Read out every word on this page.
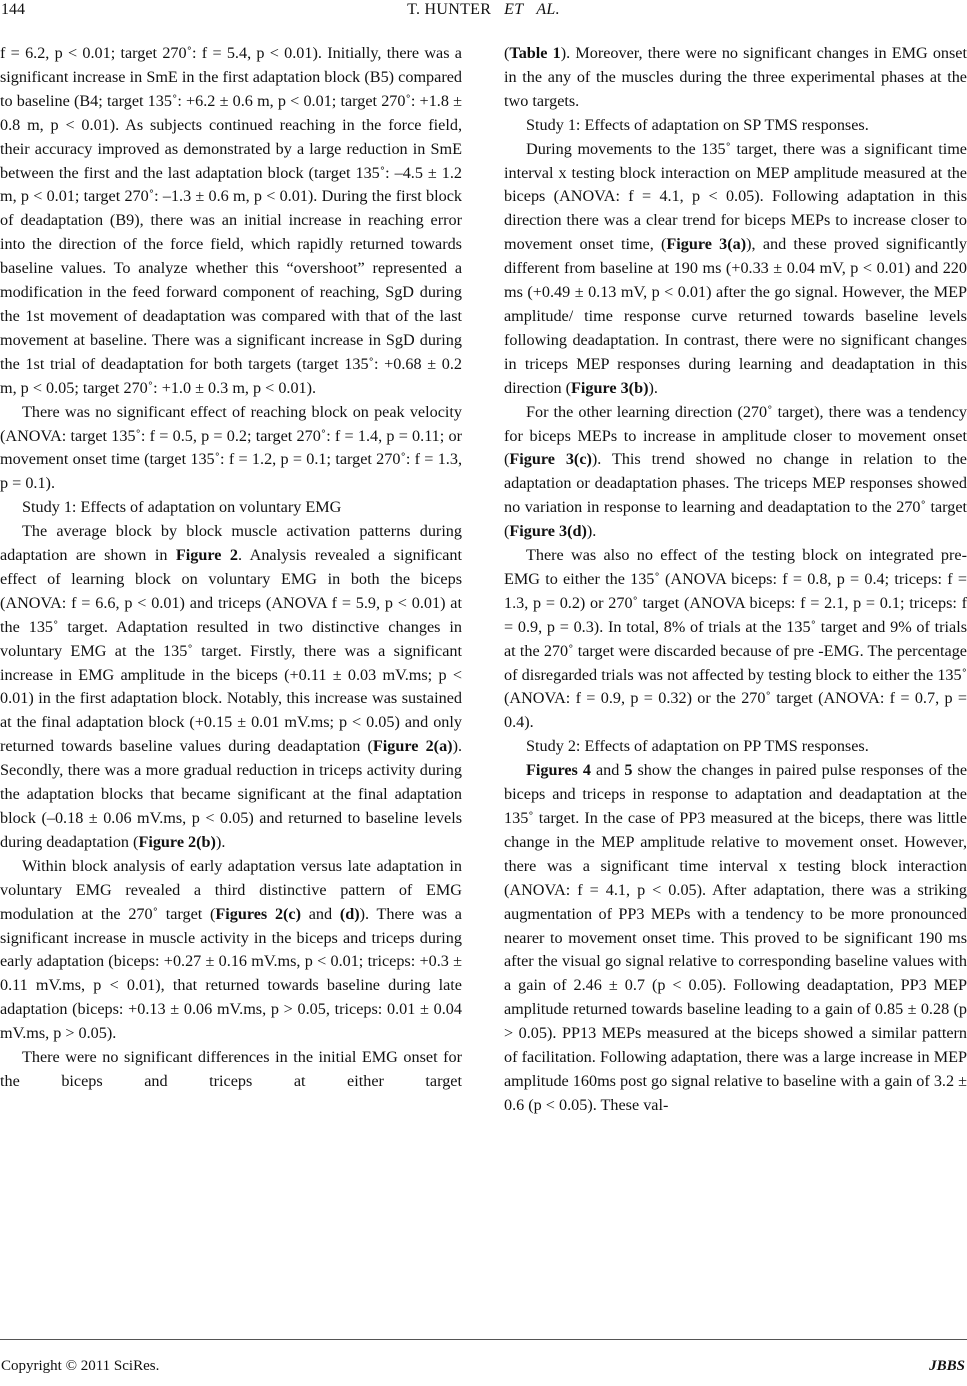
144	T. HUNTER ET AL.

f = 6.2, p < 0.01; target 270˚: f = 5.4, p < 0.01). Initially, there was a significant increase in SmE in the first adaptation block (B5) compared to baseline (B4; target 135˚: +6.2 ± 0.6 m, p < 0.01; target 270˚: +1.8 ± 0.8 m, p < 0.01). As subjects continued reaching in the force field, their accuracy improved as demonstrated by a large reduction in SmE between the first and the last adaptation block (target 135˚: –4.5 ± 1.2 m, p < 0.01; target 270˚: –1.3 ± 0.6 m, p < 0.01). During the first block of deadaptation (B9), there was an initial increase in reaching error into the direction of the force field, which rapidly returned towards baseline values. To analyze whether this “overshoot” represented a modification in the feed forward component of reaching, SgD during the 1st movement of deadaptation was compared with that of the last movement at baseline. There was a significant increase in SgD during the 1st trial of deadaptation for both targets (target 135˚: +0.68 ± 0.2 m, p < 0.05; target 270˚: +1.0 ± 0.3 m, p < 0.01).

There was no significant effect of reaching block on peak velocity (ANOVA: target 135˚: f = 0.5, p = 0.2; target 270˚: f = 1.4, p = 0.11; or movement onset time (target 135˚: f = 1.2, p = 0.1; target 270˚: f = 1.3, p = 0.1).

Study 1: Effects of adaptation on voluntary EMG

The average block by block muscle activation patterns during adaptation are shown in Figure 2. Analysis revealed a significant effect of learning block on voluntary EMG in both the biceps (ANOVA: f = 6.6, p < 0.01) and triceps (ANOVA f = 5.9, p < 0.01) at the 135˚ target. Adaptation resulted in two distinctive changes in voluntary EMG at the 135˚ target. Firstly, there was a significant increase in EMG amplitude in the biceps (+0.11 ± 0.03 mV.ms; p < 0.01) in the first adaptation block. Notably, this increase was sustained at the final adaptation block (+0.15 ± 0.01 mV.ms; p < 0.05) and only returned towards baseline values during deadaptation (Figure 2(a)). Secondly, there was a more gradual reduction in triceps activity during the adaptation blocks that became significant at the final adaptation block (–0.18 ± 0.06 mV.ms, p < 0.05) and returned to baseline levels during deadaptation (Figure 2(b)).

Within block analysis of early adaptation versus late adaptation in voluntary EMG revealed a third distinctive pattern of EMG modulation at the 270˚ target (Figures 2(c) and (d)). There was a significant increase in muscle activity in the biceps and triceps during early adaptation (biceps: +0.27 ± 0.16 mV.ms, p < 0.01; triceps: +0.3 ± 0.11 mV.ms, p < 0.01), that returned towards baseline during late adaptation (biceps: +0.13 ± 0.06 mV.ms, p > 0.05, triceps: 0.01 ± 0.04 mV.ms, p > 0.05).

There were no significant differences in the initial EMG onset for the biceps and triceps at either target

(Table 1). Moreover, there were no significant changes in EMG onset in the any of the muscles during the three experimental phases at the two targets.

Study 1: Effects of adaptation on SP TMS responses.

During movements to the 135˚ target, there was a significant time interval x testing block interaction on MEP amplitude measured at the biceps (ANOVA: f = 4.1, p < 0.05). Following adaptation in this direction there was a clear trend for biceps MEPs to increase closer to movement onset time, (Figure 3(a)), and these proved significantly different from baseline at 190 ms (+0.33 ± 0.04 mV, p < 0.01) and 220 ms (+0.49 ± 0.13 mV, p < 0.01) after the go signal. However, the MEP amplitude/ time response curve returned towards baseline levels following deadaptation. In contrast, there were no significant changes in triceps MEP responses during learning and deadaptation in this direction (Figure 3(b)).

For the other learning direction (270˚ target), there was a tendency for biceps MEPs to increase in amplitude closer to movement onset (Figure 3(c)). This trend showed no change in relation to the adaptation or deadaptation phases. The triceps MEP responses showed no variation in response to learning and deadaptation to the 270˚ target (Figure 3(d)).

There was also no effect of the testing block on integrated pre-EMG to either the 135˚ (ANOVA biceps: f = 0.8, p = 0.4; triceps: f = 1.3, p = 0.2) or 270˚ target (ANOVA biceps: f = 2.1, p = 0.1; triceps: f = 0.9, p = 0.3). In total, 8% of trials at the 135˚ target and 9% of trials at the 270˚ target were discarded because of pre -EMG. The percentage of disregarded trials was not affected by testing block to either the 135˚ (ANOVA: f = 0.9, p = 0.32) or the 270˚ target (ANOVA: f = 0.7, p = 0.4).

Study 2: Effects of adaptation on PP TMS responses.

Figures 4 and 5 show the changes in paired pulse responses of the biceps and triceps in response to adaptation and deadaptation at the 135˚ target. In the case of PP3 measured at the biceps, there was little change in the MEP amplitude relative to movement onset. However, there was a significant time interval x testing block interaction (ANOVA: f = 4.1, p < 0.05). After adaptation, there was a striking augmentation of PP3 MEPs with a tendency to be more pronounced nearer to movement onset time. This proved to be significant 190 ms after the visual go signal relative to corresponding baseline values with a gain of 2.46 ± 0.7 (p < 0.05). Following deadaptation, PP3 MEP amplitude returned towards baseline leading to a gain of 0.85 ± 0.28 (p > 0.05). PP13 MEPs measured at the biceps showed a similar pattern of facilitation. Following adaptation, there was a large increase in MEP amplitude 160ms post go signal relative to baseline with a gain of 3.2 ± 0.6 (p < 0.05). These val-

Copyright © 2011 SciRes.	JBBS
